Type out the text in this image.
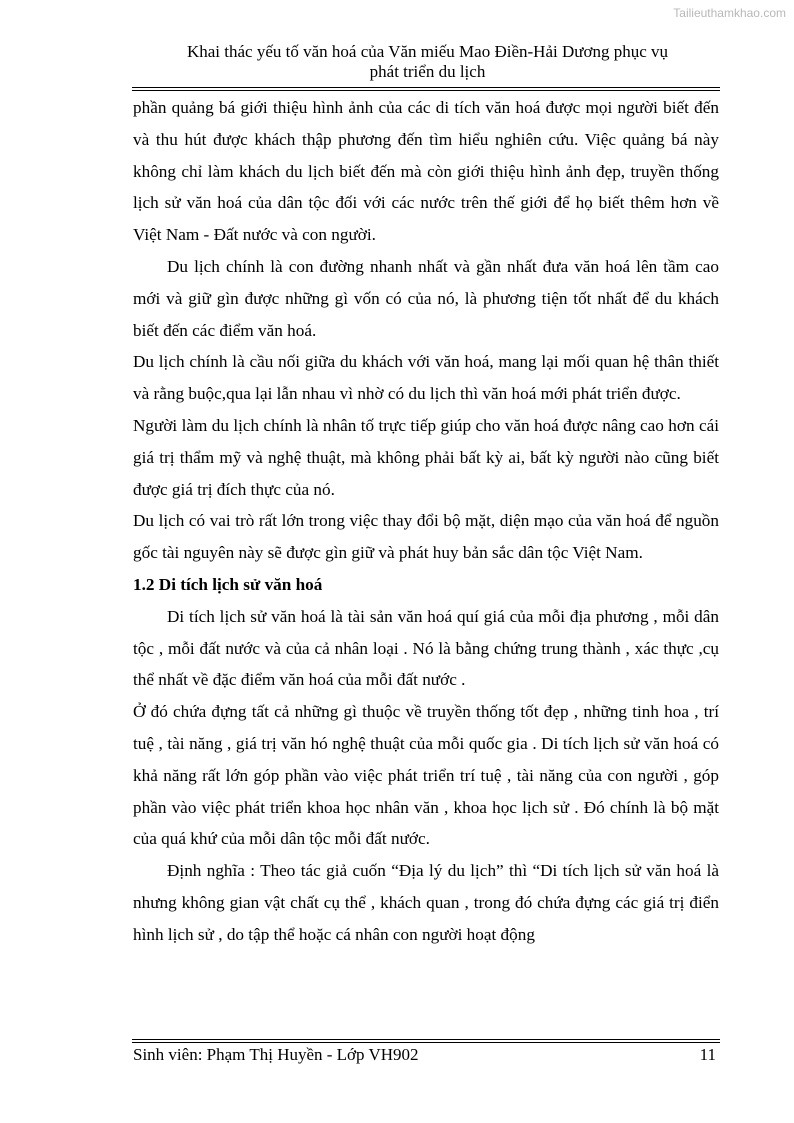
Tailieuthamkhao.com
Khai thác yếu tố văn hoá của Văn miếu Mao Điền-Hải Dương phục vụ
phát triển du lịch

phần quảng bá giới thiệu hình ảnh của các di tích văn hoá được mọi người biết đến và thu hút được khách thập phương đến tìm hiểu nghiên cứu. Việc quảng bá này không chỉ làm khách du lịch biết đến mà còn giới thiệu hình ảnh đẹp, truyền thống lịch sử văn hoá của dân tộc đối với các nước trên thế giới để họ biết thêm hơn về Việt Nam - Đất nước và con người.

Du lịch chính là con đường nhanh nhất và gần nhất đưa văn hoá lên tầm cao mới và giữ gìn được những gì vốn có của nó, là phương tiện tốt nhất để du khách biết đến các điểm văn hoá.

Du lịch chính là cầu nối giữa du khách với văn hoá, mang lại mối quan hệ thân thiết và rằng buộc,qua lại lẫn nhau vì nhờ có du lịch thì văn hoá mới phát triển được.

Người làm du lịch chính là nhân tố trực tiếp giúp cho văn hoá được nâng cao hơn cái giá trị thẩm mỹ và nghệ thuật, mà không phải bất kỳ ai, bất kỳ người nào cũng biết được giá trị đích thực của nó.

Du lịch có vai trò rất lớn trong việc thay đổi bộ mặt, diện mạo của văn hoá để nguồn gốc tài nguyên này sẽ được gìn giữ và phát huy bản sắc dân tộc Việt Nam.

1.2 Di tích lịch sử văn hoá

Di tích lịch sử văn hoá là tài sản văn hoá quí giá của mỗi địa phương , mỗi dân tộc , mỗi đất nước và của cả nhân loại . Nó là bằng chứng trung thành , xác thực ,cụ thể nhất về đặc điểm văn hoá của mỗi đất nước .

Ở đó chứa đựng tất cả những gì thuộc về truyền thống tốt đẹp , những tinh hoa , trí tuệ , tài năng , giá trị văn hó nghệ thuật của mỗi quốc gia . Di tích lịch sử văn hoá có khả năng rất lớn góp phần vào việc phát triển trí tuệ , tài năng của con người , góp phần vào việc phát triển khoa học nhân văn , khoa học lịch sử . Đó chính là bộ mặt của quá khứ của mỗi dân tộc mỗi đất nước.

Định nghĩa : Theo tác giả cuốn “Địa lý du lịch” thì “Di tích lịch sử văn hoá là nhưng không gian vật chất cụ thể , khách quan , trong đó chứa đựng các giá trị điển hình lịch sử , do tập thể hoặc cá nhân con người hoạt động

Sinh viên: Phạm Thị Huyền - Lớp VH902	11
